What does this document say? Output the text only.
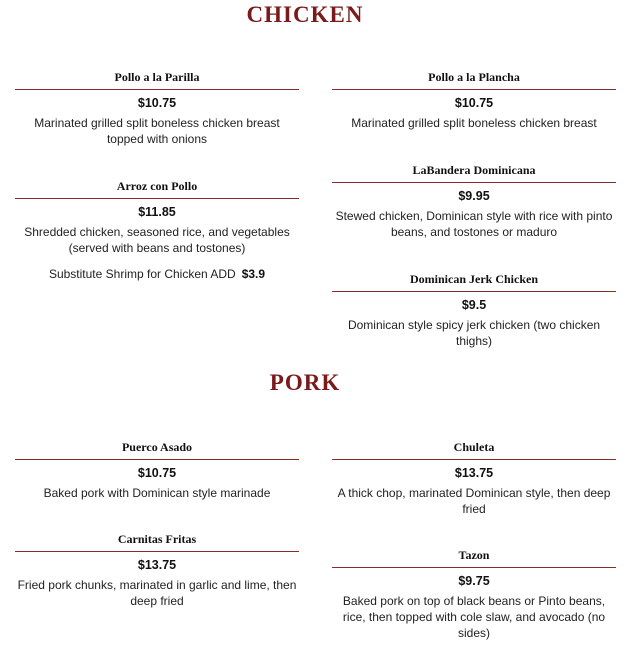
CHICKEN
Pollo a la Parilla
$10.75
Marinated grilled split boneless chicken breast topped with onions
Pollo a la Plancha
$10.75
Marinated grilled split boneless chicken breast
Arroz con Pollo
$11.85
Shredded chicken, seasoned rice, and vegetables (served with beans and tostones)
Substitute Shrimp for Chicken ADD $3.9
LaBandera Dominicana
$9.95
Stewed chicken, Dominican style with rice with pinto beans, and tostones or maduro
Dominican Jerk Chicken
$9.5
Dominican style spicy jerk chicken (two chicken thighs)
PORK
Puerco Asado
$10.75
Baked pork with Dominican style marinade
Chuleta
$13.75
A thick chop, marinated Dominican style, then deep fried
Carnitas Fritas
$13.75
Fried pork chunks, marinated in garlic and lime, then deep fried
Tazon
$9.75
Baked pork on top of black beans or Pinto beans, rice, then topped with cole slaw, and avocado (no sides)
